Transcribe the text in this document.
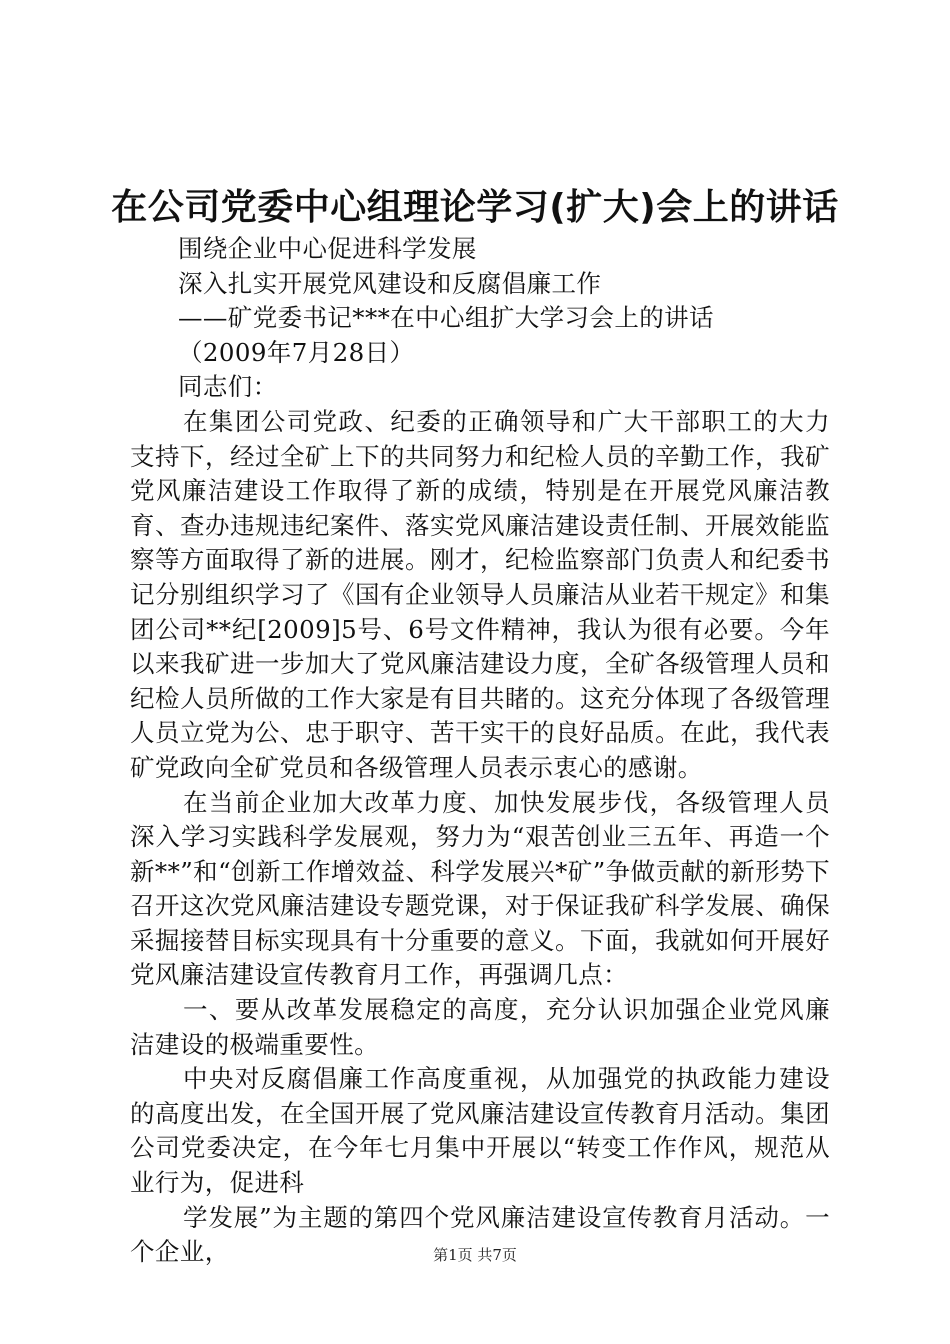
在公司党委中心组理论学习(扩大)会上的讲话

围绕企业中心促进科学发展

深入扎实开展党风建设和反腐倡廉工作

——矿党委书记***在中心组扩大学习会上的讲话

（2009年7月28日）

同志们：

在集团公司党政、纪委的正确领导和广大干部职工的大力支持下，经过全矿上下的共同努力和纪检人员的辛勤工作，我矿党风廉洁建设工作取得了新的成绩，特别是在开展党风廉洁教育、查办违规违纪案件、落实党风廉洁建设责任制、开展效能监察等方面取得了新的进展。刚才，纪检监察部门负责人和纪委书记分别组织学习了《国有企业领导人员廉洁从业若干规定》和集团公司**纪[2009]5号、6号文件精神，我认为很有必要。今年以来我矿进一步加大了党风廉洁建设力度，全矿各级管理人员和纪检人员所做的工作大家是有目共睹的。这充分体现了各级管理人员立党为公、忠于职守、苦干实干的良好品质。在此，我代表矿党政向全矿党员和各级管理人员表示衷心的感谢。

在当前企业加大改革力度、加快发展步伐，各级管理人员深入学习实践科学发展观，努力为“艰苦创业三五年、再造一个新**”和“创新工作增效益、科学发展兴*矿”争做贡献的新形势下召开这次党风廉洁建设专题党课，对于保证我矿科学发展、确保采掘接替目标实现具有十分重要的意义。下面，我就如何开展好党风廉洁建设宣传教育月工作，再强调几点：

一、要从改革发展稳定的高度，充分认识加强企业党风廉洁建设的极端重要性。

中央对反腐倡廉工作高度重视，从加强党的执政能力建设的高度出发，在全国开展了党风廉洁建设宣传教育月活动。集团公司党委决定，在今年七月集中开展以“转变工作作风，规范从业行为，促进科

学发展”为主题的第四个党风廉洁建设宣传教育月活动。一个企业，	第1页 共7页
